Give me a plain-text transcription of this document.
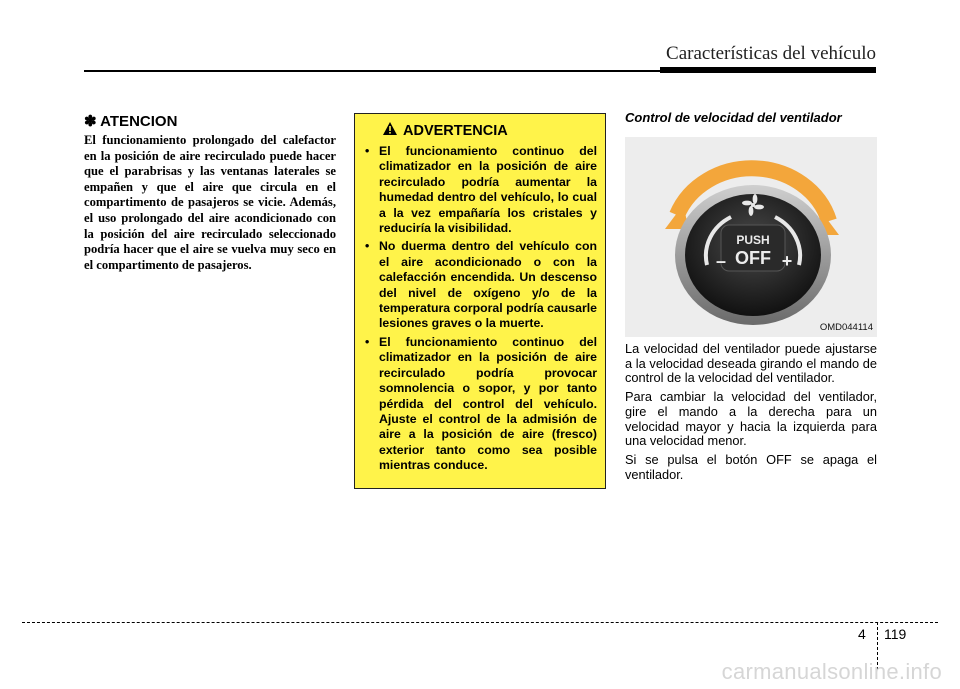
Características del vehículo
✽ ATENCION

El funcionamiento prolongado del calefactor en la posición de aire recirculado puede hacer que el parabrisas y las ventanas laterales se empañen y que el aire que circula en el compartimento de pasajeros se vicie. Además, el uso prolongado del aire acondicionado con la posición del aire recirculado seleccionado podría hacer que el aire se vuelva muy seco en el compartimento de pasajeros.

ADVERTENCIA
• El funcionamiento continuo del climatizador en la posición de aire recirculado podría aumentar la humedad dentro del vehículo, lo cual a la vez empañaría los cristales y reduciría la visibilidad.
• No duerma dentro del vehículo con el aire acondicionado o con la calefacción encendida. Un descenso del nivel de oxígeno y/o de la temperatura corporal podría causarle lesiones graves o la muerte.
• El funcionamiento continuo del climatizador en la posición de aire recirculado podría provocar somnolencia o sopor, y por tanto pérdida del control del vehículo. Ajuste el control de la admisión de aire a la posición de aire (fresco) exterior tanto como sea posible mientras conduce.
Control de velocidad del ventilador
PUSH
OFF
–	+
OMD044114

La velocidad del ventilador puede ajustarse a la velocidad deseada girando el mando de control de la velocidad del ventilador.

Para cambiar la velocidad del ventilador, gire el mando a la derecha para un velocidad mayor y hacia la izquierda para una velocidad menor.

Si se pulsa el botón OFF se apaga el ventilador.

4 119
carmanualsonline.info
